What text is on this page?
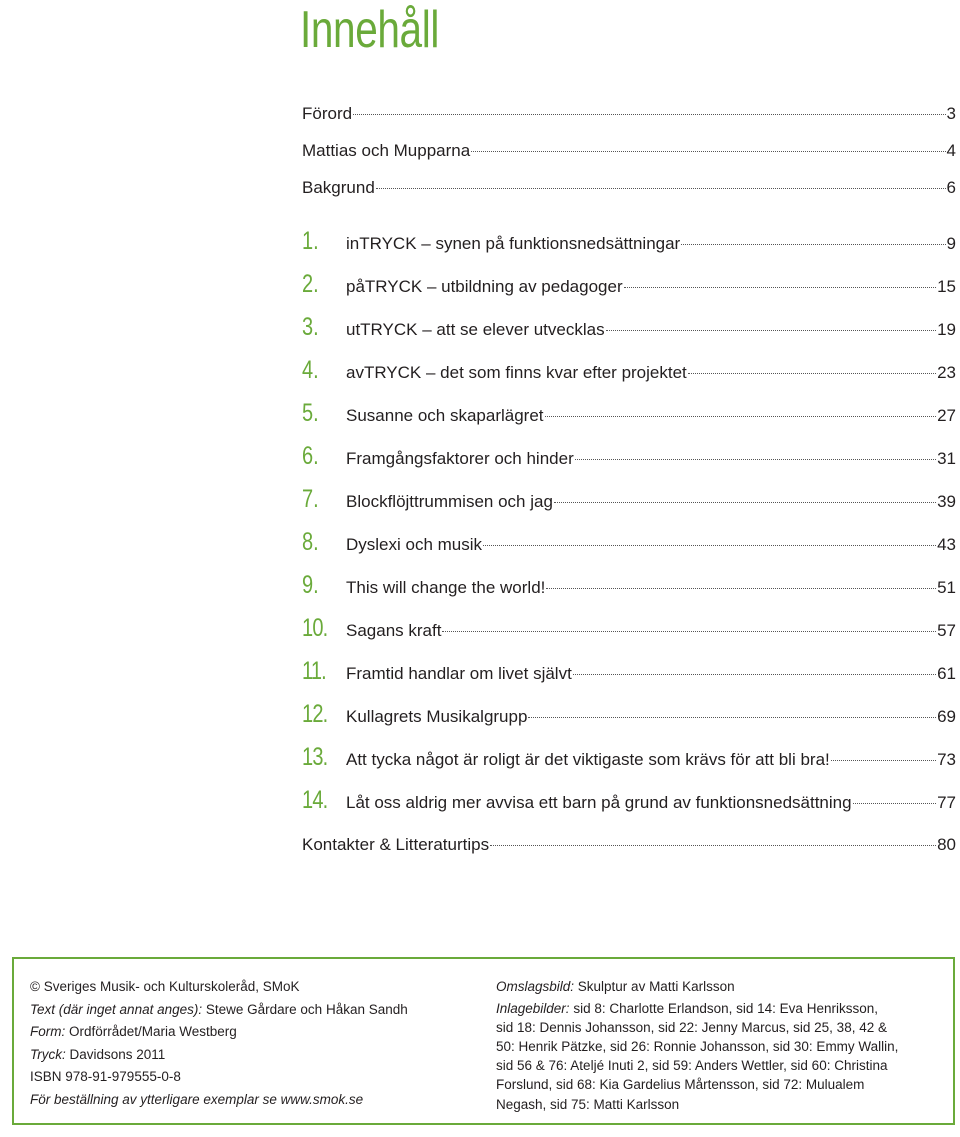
Innehåll
Förord	3
Mattias och Mupparna	4
Bakgrund	6
1.	inTRYCK – synen på funktionsnedsättningar	9
2.	påTRYCK – utbildning av pedagoger	15
3.	utTRYCK – att se elever utvecklas	19
4.	avTRYCK – det som finns kvar efter projektet	23
5.	Susanne och skaparlägret	27
6.	Framgångsfaktorer och hinder	31
7.	Blockflöjttrummisen och jag	39
8.	Dyslexi och musik	43
9.	This will change the world!	51
10.	Sagans kraft	57
11.	Framtid handlar om livet självt	61
12.	Kullagrets Musikalgrupp	69
13.	Att tycka något är roligt är det viktigaste som krävs för att bli bra!	73
14.	Låt oss aldrig mer avvisa ett barn på grund av funktionsnedsättning	77
Kontakter & Litteraturtips	80
© Sveriges Musik- och Kulturskoleråd, SMoK
Text (där inget annat anges): Stewe Gårdare och Håkan Sandh
Form: Ordförrådet/Maria Westberg
Tryck: Davidsons 2011
ISBN 978-91-979555-0-8
För beställning av ytterligare exemplar se www.smok.se
Omslagsbild: Skulptur av Matti Karlsson
Inlagebilder: sid 8: Charlotte Erlandson, sid 14: Eva Henriksson,
sid 18: Dennis Johansson, sid 22: Jenny Marcus, sid 25, 38, 42 &
50: Henrik Pätzke, sid 26: Ronnie Johansson, sid 30: Emmy Wallin,
sid 56 & 76: Ateljé Inuti 2, sid 59: Anders Wettler, sid 60: Christina
Forslund, sid 68: Kia Gardelius Mårtensson, sid 72: Mulualem
Negash, sid 75: Matti Karlsson
